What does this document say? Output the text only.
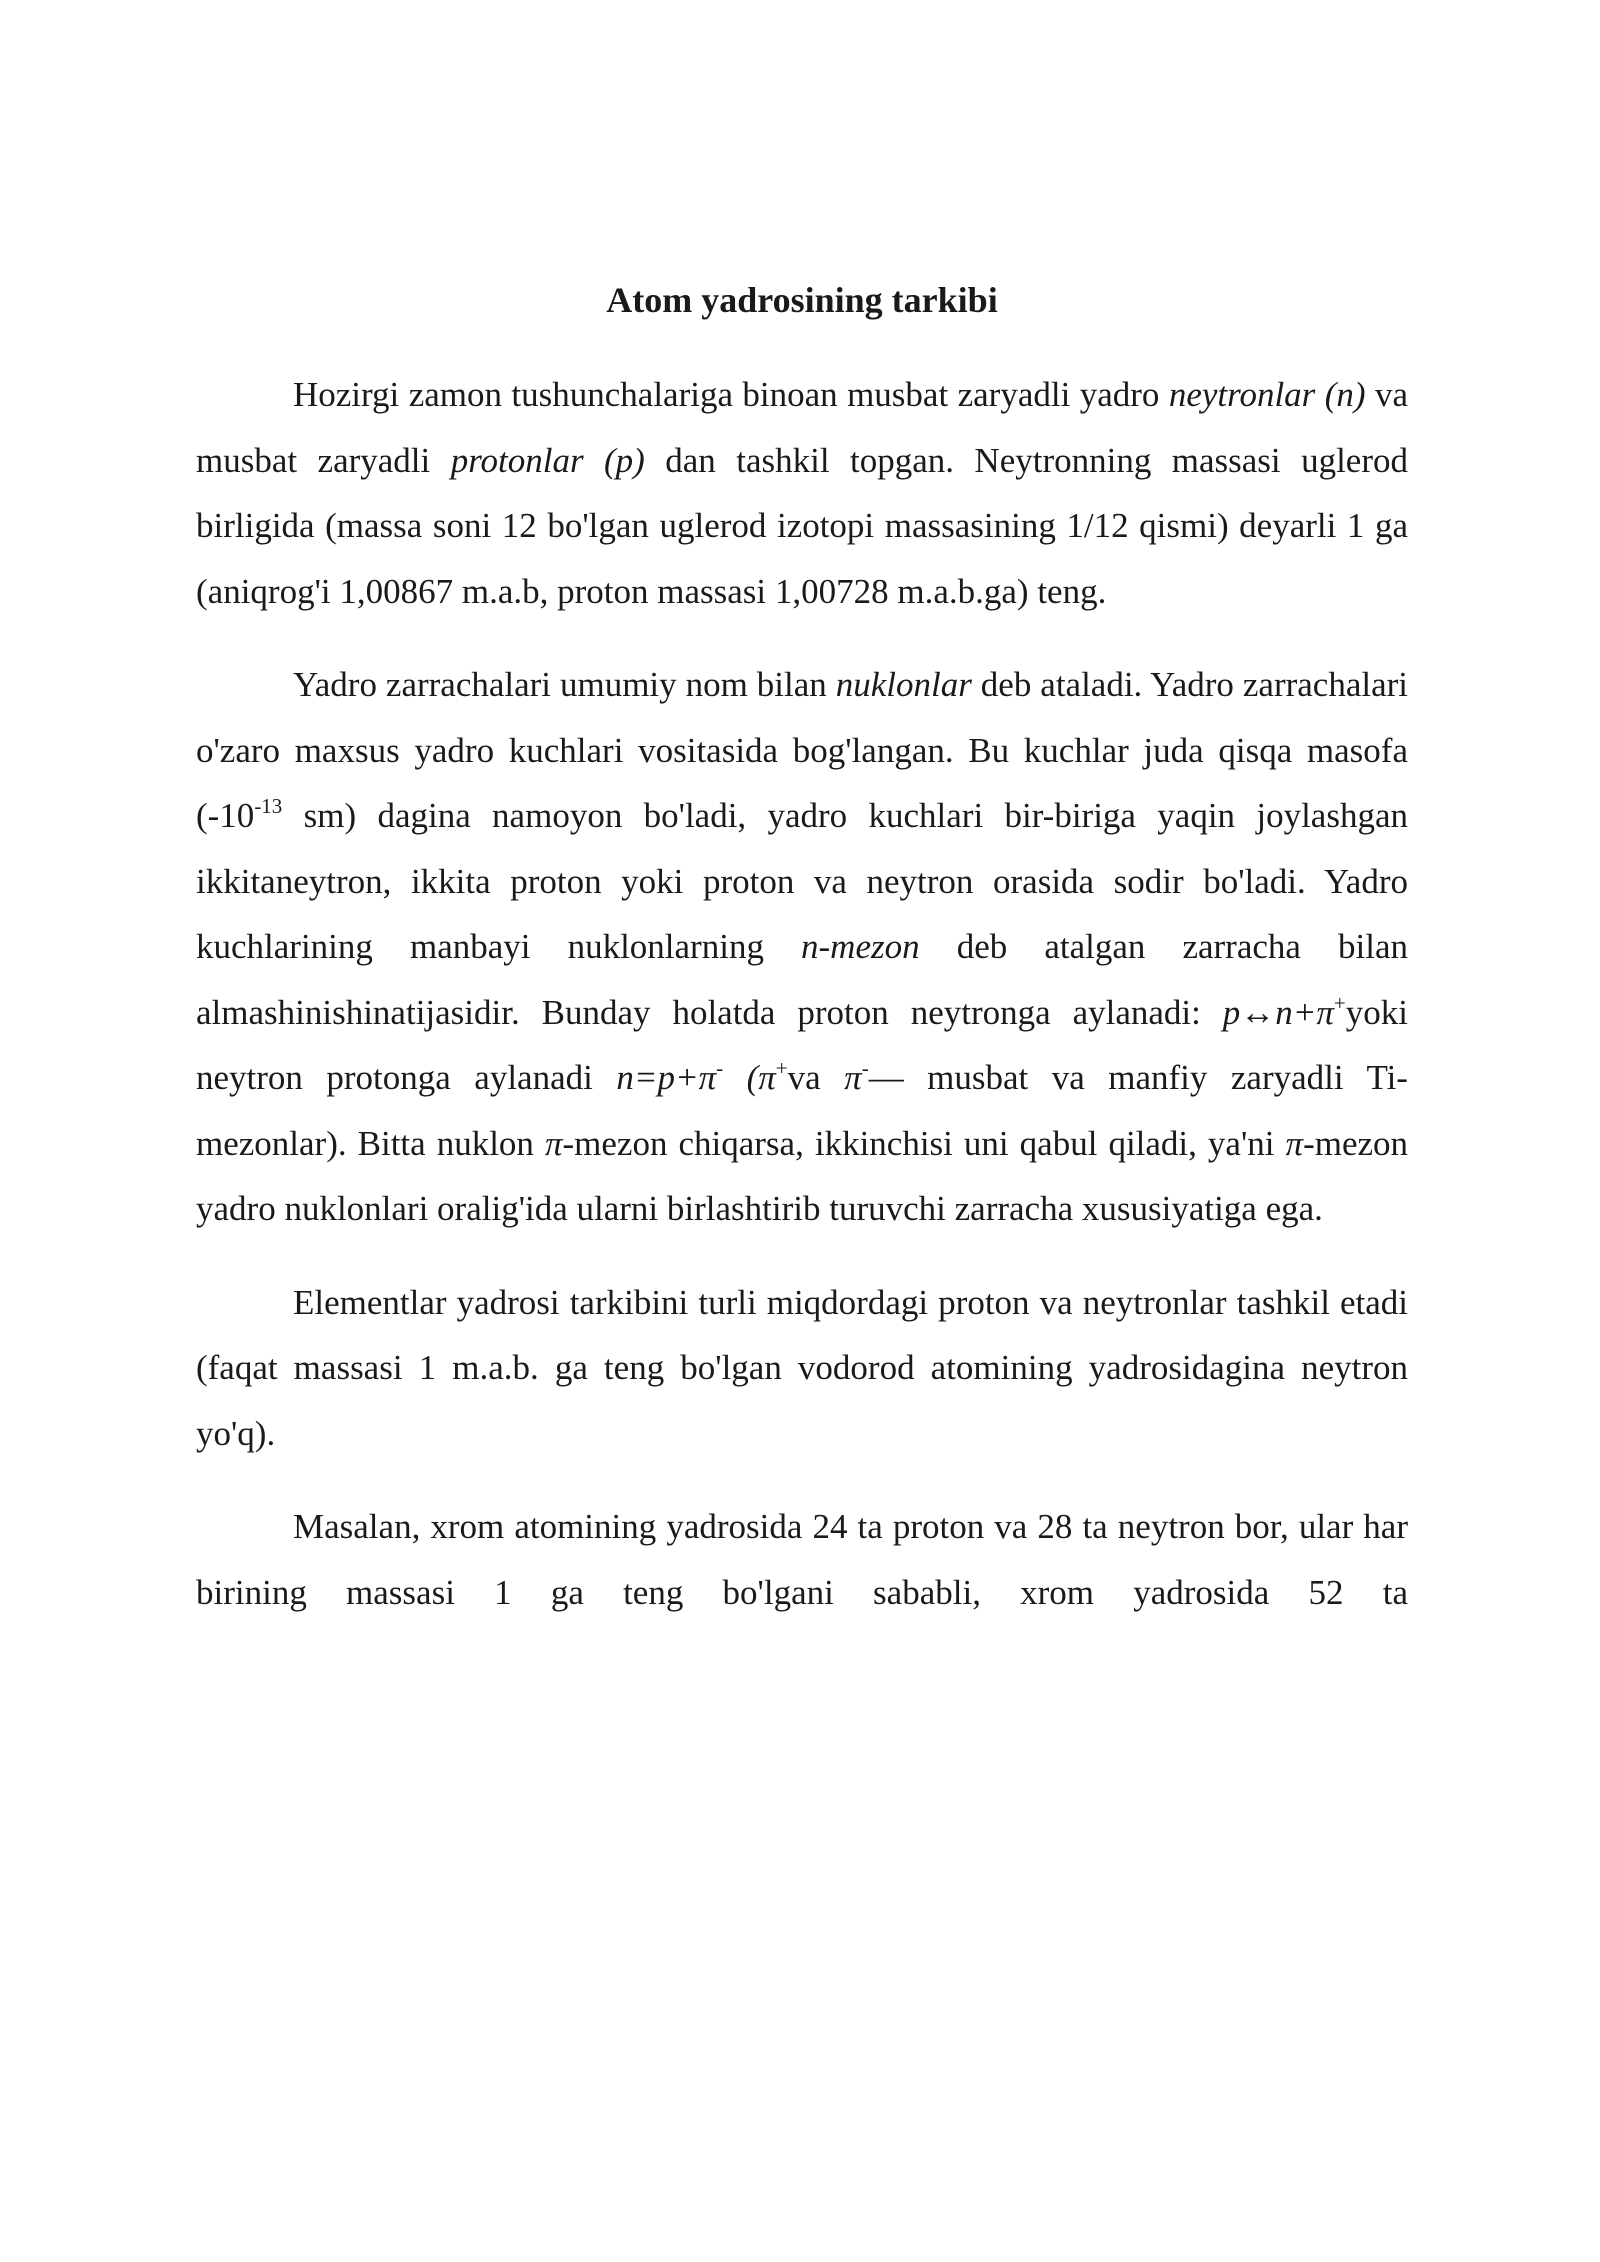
Atom yadrosining tarkibi

Hozirgi zamon tushunchalariga binoan musbat zaryadli yadro neytronlar (n) va musbat zaryadli protonlar (p) dan tashkil topgan. Neytronning massasi uglerod birligida (massa soni 12 bo'lgan uglerod izotopi massasining 1/12 qismi) deyarli 1 ga (aniqrog'i 1,00867 m.a.b, proton massasi 1,00728 m.a.b.ga) teng.

Yadro zarrachalari umumiy nom bilan nuklonlar deb ataladi. Yadro zarrachalari o'zaro maxsus yadro kuchlari vositasida bog'langan. Bu kuchlar juda qisqa masofa ($-10^{-13}$ sm) dagina namoyon bo'ladi, yadro kuchlari bir-biriga yaqin joylashgan ikkitaneytron, ikkita proton yoki proton va neytron orasida sodir bo'ladi. Yadro kuchlarining manbayi nuklonlarning n-mezon deb atalgan zarracha bilan almashinishinatijasidir. Bunday holatda proton neytronga aylanadi: p↔n+π+yoki neytron protonga aylanadi n=p+π- (π+va π-— musbat va manfiy zaryadli Ti-mezonlar). Bitta nuklon π-mezon chiqarsa, ikkinchisi uni qabul qiladi, ya'ni π-mezon yadro nuklonlari oralig'ida ularni birlashtirib turuvchi zarracha xususiyatiga ega.

Elementlar yadrosi tarkibini turli miqdordagi proton va neytronlar tashkil etadi (faqat massasi 1 m.a.b. ga teng bo'lgan vodorod atomining yadrosidagina neytron yo'q).

Masalan, xrom atomining yadrosida 24 ta proton va 28 ta neytron bor, ular har birining massasi 1 ga teng bo'lgani sababli, xrom yadrosida 52 ta
